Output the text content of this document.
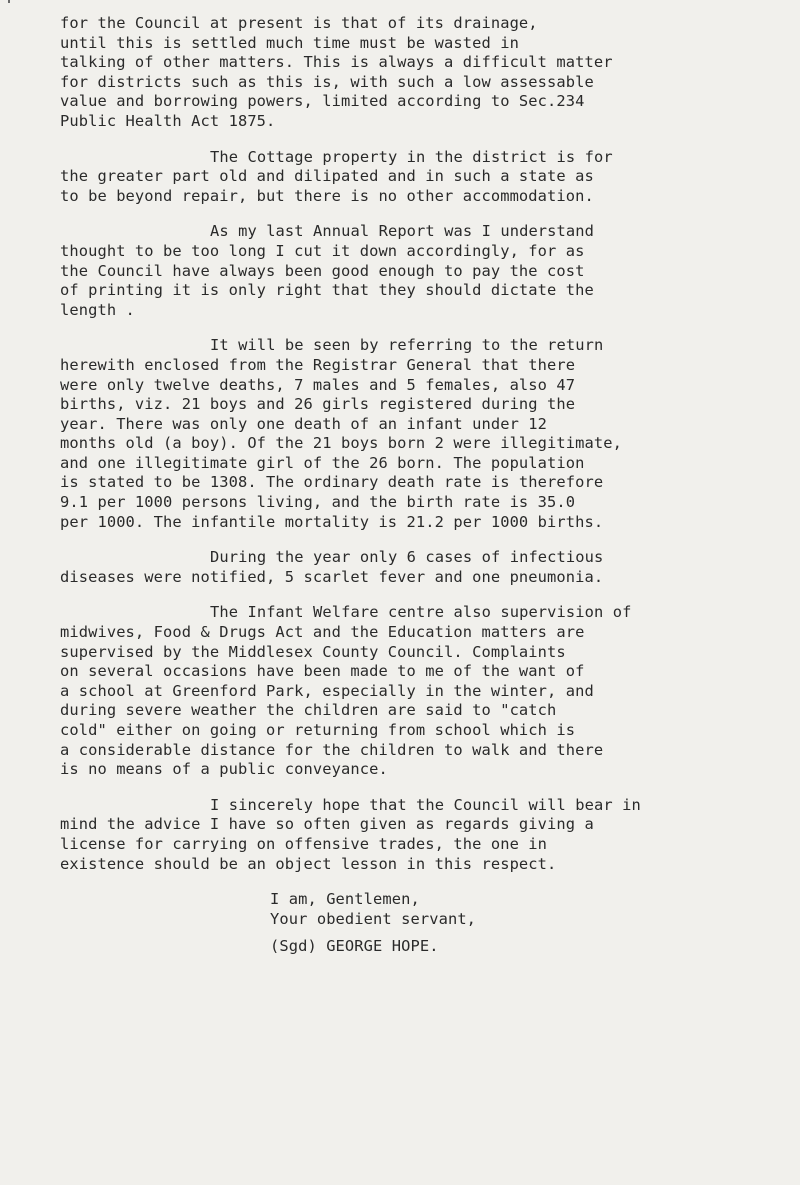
for the Council at present is that of its drainage,
until this is settled much time must be wasted in
talking of other matters. This is always a difficult matter
for districts such as this is, with such a low assessable
value and borrowing powers, limited according to Sec.234
Public Health Act 1875.
The Cottage property in the district is for
the greater part old and dilipated and in such a state as
to be beyond repair, but there is no other accommodation.
As my last Annual Report was I understand
thought to be too long I cut it down accordingly, for as
the Council have always been good enough to pay the cost
of printing it is only right that they should dictate the
length .
It will be seen by referring to the return
herewith enclosed from the Registrar General that there
were only twelve deaths, 7 males and 5 females, also 47
births, viz. 21 boys and 26 girls registered during the
year. There was only one death of an infant under 12
months old (a boy). Of the 21 boys born 2 were illegitimate,
and one illegitimate girl of the 26 born. The population
is stated to be 1308. The ordinary death rate is therefore
9.1 per 1000 persons living, and the birth rate is 35.0
per 1000. The infantile mortality is 21.2 per 1000 births.
During the year only 6 cases of infectious
diseases were notified, 5 scarlet fever and one pneumonia.
The Infant Welfare centre also supervision of
midwives, Food & Drugs Act and the Education matters are
supervised by the Middlesex County Council. Complaints
on several occasions have been made to me of the want of
a school at Greenford Park, especially in the winter, and
during severe weather the children are said to "catch
cold" either on going or returning from school which is
a considerable distance for the children to walk and there
is no means of a public conveyance.
I sincerely hope that the Council will bear in
mind the advice I have so often given as regards giving a
license for carrying on offensive trades, the one in
existence should be an object lesson in this respect.
I am, Gentlemen,
Your obedient servant,
(Sgd) GEORGE HOPE.
